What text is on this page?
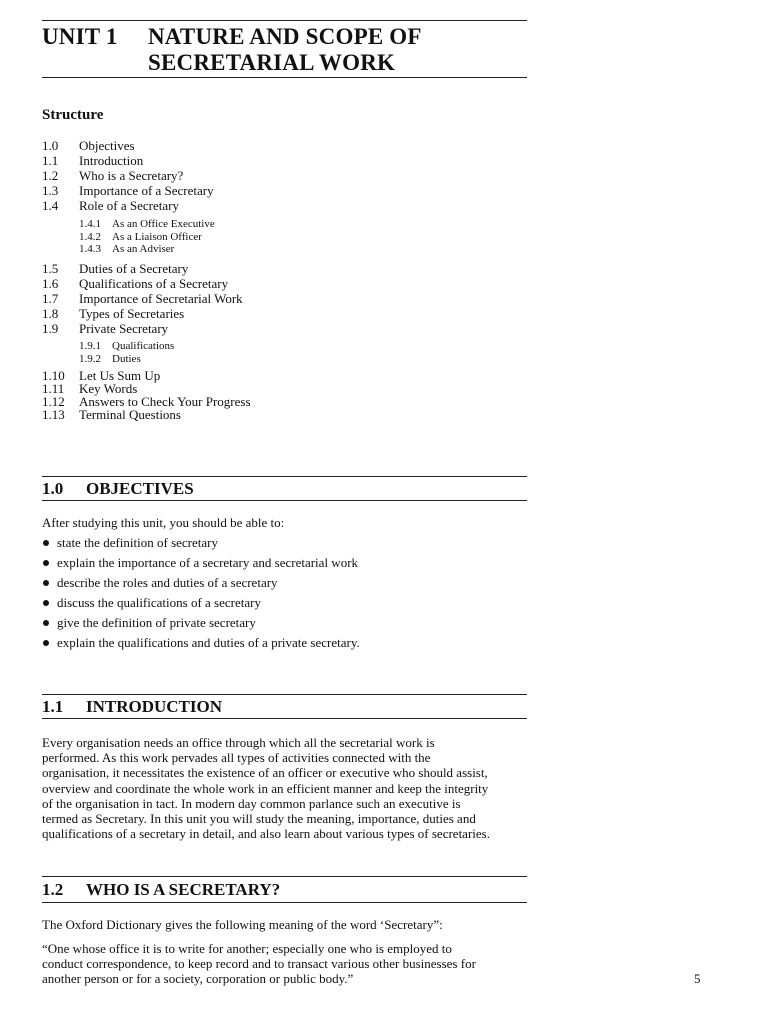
UNIT 1 NATURE AND SCOPE OF
SECRETARIAL WORK
Structure
1.0 Objectives
1.1 Introduction
1.2 Who is a Secretary?
1.3 Importance of a Secretary
1.4 Role of a Secretary
1.4.1 As an Office Executive
1.4.2 As a Liaison Officer
1.4.3 As an Adviser
1.5 Duties of a Secretary
1.6 Qualifications of a Secretary
1.7 Importance of Secretarial Work
1.8 Types of Secretaries
1.9 Private Secretary
1.9.1 Qualifications
1.9.2 Duties
1.10 Let Us Sum Up
1.11 Key Words
1.12 Answers to Check Your Progress
1.13 Terminal Questions
1.0 OBJECTIVES
After studying this unit, you should be able to:
state the definition of secretary
explain the importance of a secretary and secretarial work
describe the roles and duties of a secretary
discuss the qualifications of a secretary
give the definition of private secretary
explain the qualifications and duties of a private secretary.
1.1 INTRODUCTION
Every organisation needs an office through which all the secretarial work is
performed. As this work pervades all types of activities connected with the
organisation, it necessitates the existence of an officer or executive who should assist,
overview and coordinate the whole work in an efficient manner and keep the integrity
of the organisation in tact. In modern day common parlance such an executive is
termed as Secretary. In this unit you will study the meaning, importance, duties and
qualifications of a secretary in detail, and also learn about various types of secretaries.
1.2 WHO IS A SECRETARY?
The Oxford Dictionary gives the following meaning of the word ‘Secretary”:
“One whose office it is to write for another; especially one who is employed to
conduct correspondence, to keep record and to transact various other businesses for
another person or for a society, corporation or public body.”	5
